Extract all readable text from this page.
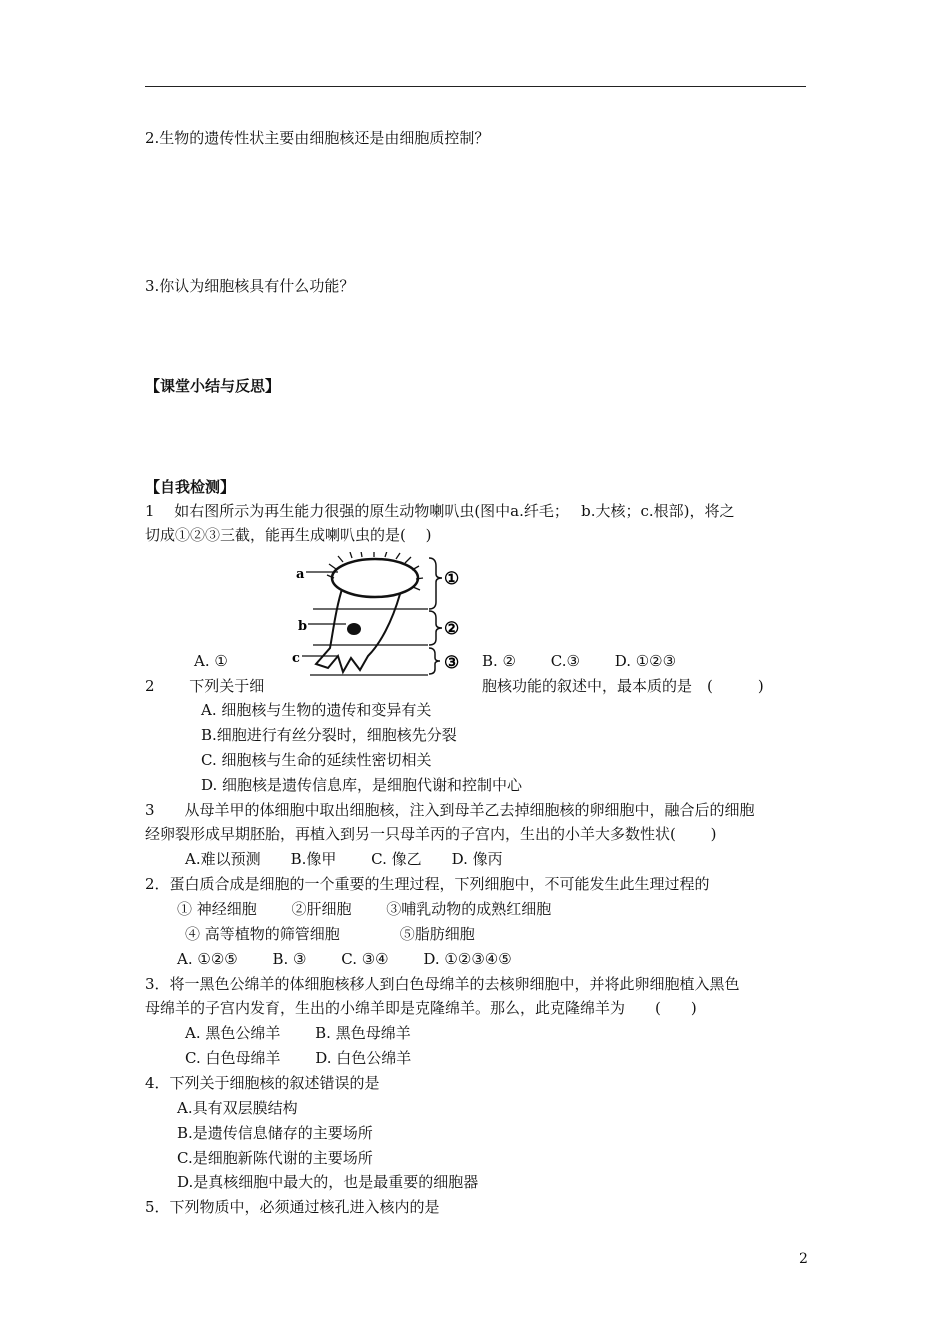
2.生物的遗传性状主要由细胞核还是由细胞质控制？
3.你认为细胞核具有什么功能？
【课堂小结与反思】
【自我检测】
1　 如右图所示为再生能力很强的原生动物喇叭虫(图中a.纤毛；　 b.大核；c.根部)，将之
切成①②③三截，能再生成喇叭虫的是(　 )
a
b
c
①
②
③
A. ①	B. ②　　 C.③　　 D. ①②③
2　　 下列关于细	胞核功能的叙述中，最本质的是　(　　　)
A. 细胞核与生物的遗传和变异有关
B.细胞进行有丝分裂时，细胞核先分裂
C. 细胞核与生命的延续性密切相关
D. 细胞核是遗传信息库，是细胞代谢和控制中心
3　　从母羊甲的体细胞中取出细胞核，注入到母羊乙去掉细胞核的卵细胞中，融合后的细胞
经卵裂形成早期胚胎，再植入到另一只母羊丙的子宫内，生出的小羊大多数性状(　　 )
A.难以预测　　B.像甲　　 C. 像乙　　D. 像丙
2．蛋白质合成是细胞的一个重要的生理过程，下列细胞中，不可能发生此生理过程的
① 神经细胞　　 ②肝细胞　　 ③哺乳动物的成熟红细胞
④ 高等植物的筛管细胞　　　　⑤脂肪细胞
A. ①②⑤　　 B. ③　　 C. ③④　　 D. ①②③④⑤
3．将一黑色公绵羊的体细胞核移人到白色母绵羊的去核卵细胞中，并将此卵细胞植入黑色
母绵羊的子宫内发育，生出的小绵羊即是克隆绵羊。那么，此克隆绵羊为　　(　　)
A. 黑色公绵羊　　 B. 黑色母绵羊
C. 白色母绵羊　　 D. 白色公绵羊
4．下列关于细胞核的叙述错误的是
A.具有双层膜结构
B.是遗传信息储存的主要场所
C.是细胞新陈代谢的主要场所
D.是真核细胞中最大的，也是最重要的细胞器
5．下列物质中，必须通过核孔进入核内的是
2
